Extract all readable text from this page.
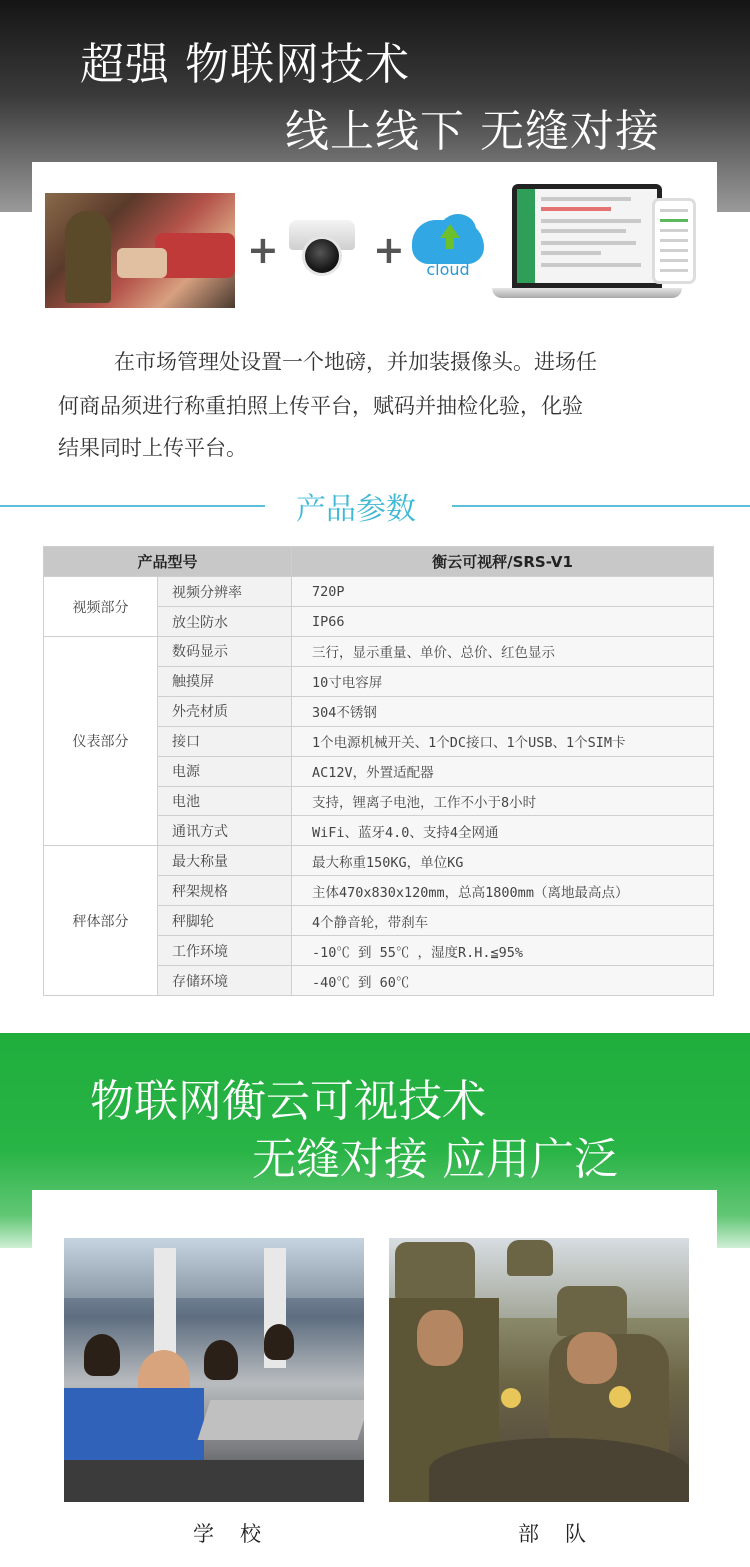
超强 物联网技术
线上线下 无缝对接
+ +	cloud
在市场管理处设置一个地磅，并加装摄像头。进场任
何商品须进行称重拍照上传平台，赋码并抽检化验，化验
结果同时上传平台。
产品参数
产品型号		衡云可视秤/SRS-V1
视频部分	视频分辨率	720P
	放尘防水	IP66
仪表部分	数码显示	三行，显示重量、单价、总价、红色显示
	触摸屏	10寸电容屏
	外壳材质	304不锈钢
	接口	1个电源机械开关、1个DC接口、1个USB、1个SIM卡
	电源	AC12V，外置适配器
	电池	支持，锂离子电池，工作不小于8小时
	通讯方式	WiFi、蓝牙4.0、支持4全网通
秤体部分	最大称量	最大称重150KG，单位KG
	秤架规格	主体470x830x120mm，总高1800mm（离地最高点）
	秤脚轮	4个静音轮，带刹车
	工作环境	-10℃ 到 55℃ ，湿度R.H.≦95%
	存储环境	-40℃ 到 60℃
物联网衡云可视技术
无缝对接 应用广泛
学校	部队
